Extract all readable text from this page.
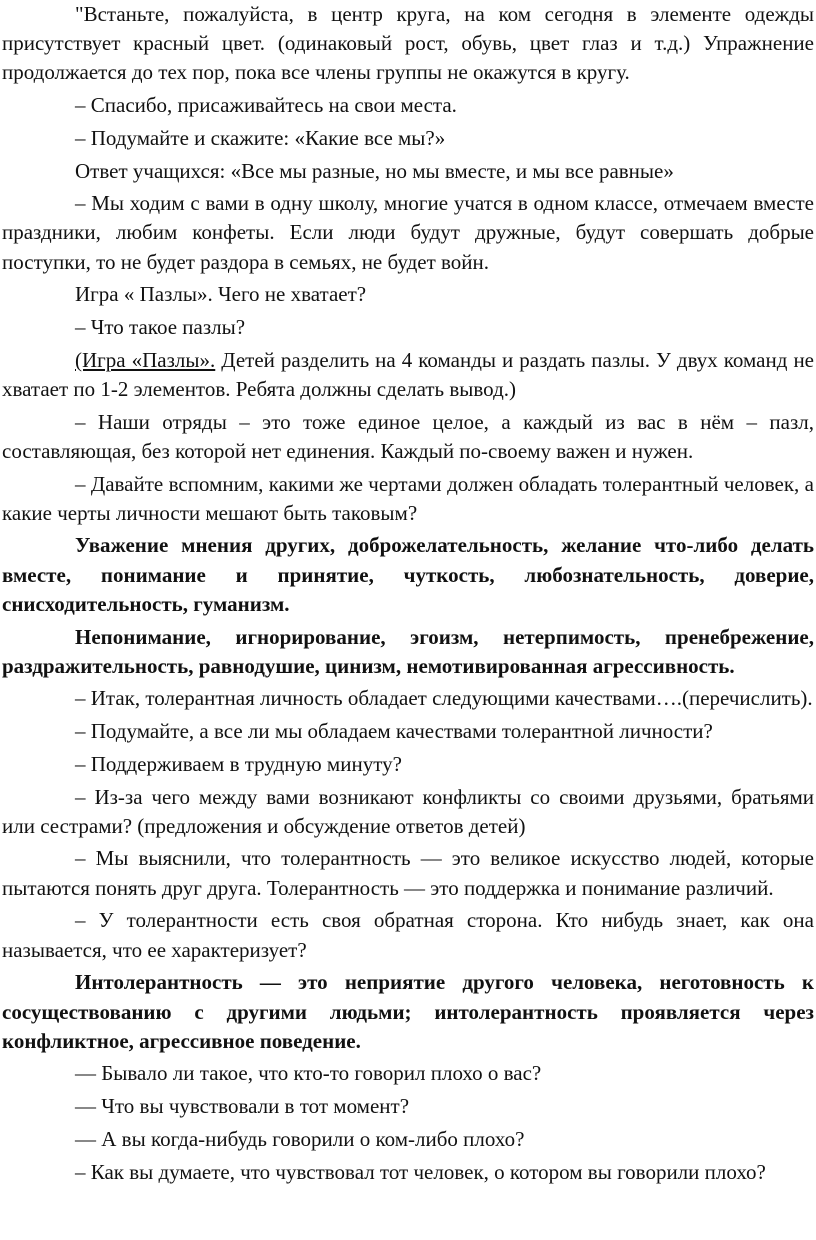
"Встаньте, пожалуйста, в центр круга, на ком сегодня в элементе одежды присутствует красный цвет. (одинаковый рост, обувь, цвет глаз и т.д.) Упражнение продолжается до тех пор, пока все члены группы не окажутся в кругу.

– Спасибо, присаживайтесь на свои места.

– Подумайте и скажите: «Какие все мы?»

Ответ учащихся: «Все мы разные, но мы вместе, и мы все равные»

– Мы ходим с вами в одну школу, многие учатся в одном классе, отмечаем вместе праздники, любим конфеты. Если люди будут дружные, будут совершать добрые поступки, то не будет раздора в семьях, не будет войн.

Игра « Пазлы». Чего не хватает?

– Что такое пазлы?

(Игра «Пазлы». Детей разделить на 4 команды и раздать пазлы. У двух команд не хватает по 1-2 элементов. Ребята должны сделать вывод.)

– Наши отряды – это тоже единое целое, а каждый из вас в нём – пазл, составляющая, без которой нет единения. Каждый по-своему важен и нужен.

– Давайте вспомним, какими же чертами должен обладать толерантный человек, а какие черты личности мешают быть таковым?

Уважение мнения других, доброжелательность, желание что-либо делать вместе, понимание и принятие, чуткость, любознательность, доверие, снисходительность, гуманизм.

Непонимание, игнорирование, эгоизм, нетерпимость, пренебрежение, раздражительность, равнодушие, цинизм, немотивированная агрессивность.

– Итак, толерантная личность обладает следующими качествами….(перечислить).

– Подумайте, а все ли мы обладаем качествами толерантной личности?

– Поддерживаем в трудную минуту?

– Из-за чего между вами возникают конфликты со своими друзьями, братьями или сестрами? (предложения и обсуждение ответов детей)

– Мы выяснили, что толерантность — это великое искусство людей, которые пытаются понять друг друга. Толерантность — это поддержка и понимание различий.

– У толерантности есть своя обратная сторона. Кто нибудь знает, как она называется, что ее характеризует?

Интолерантность — это неприятие другого человека, неготовность к сосуществованию с другими людьми; интолерантность проявляется через конфликтное, агрессивное поведение.

— Бывало ли такое, что кто-то говорил плохо о вас?

— Что вы чувствовали в тот момент?

— А вы когда-нибудь говорили о ком-либо плохо?

– Как вы думаете, что чувствовал тот человек, о котором вы говорили плохо?
